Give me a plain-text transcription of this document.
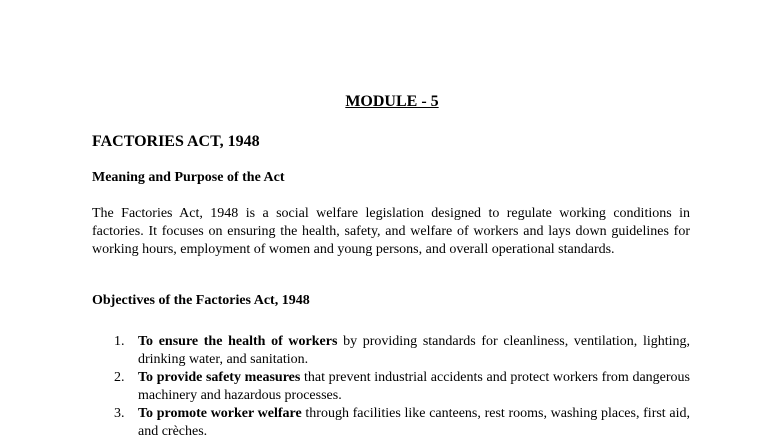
MODULE - 5
FACTORIES ACT, 1948
Meaning and Purpose of the Act

The Factories Act, 1948 is a social welfare legislation designed to regulate working conditions in factories. It focuses on ensuring the health, safety, and welfare of workers and lays down guidelines for working hours, employment of women and young persons, and overall operational standards.

Objectives of the Factories Act, 1948
1. To ensure the health of workers by providing standards for cleanliness, ventilation, lighting, drinking water, and sanitation.
2. To provide safety measures that prevent industrial accidents and protect workers from dangerous machinery and hazardous processes.
3. To promote worker welfare through facilities like canteens, rest rooms, washing places, first aid, and crèches.
